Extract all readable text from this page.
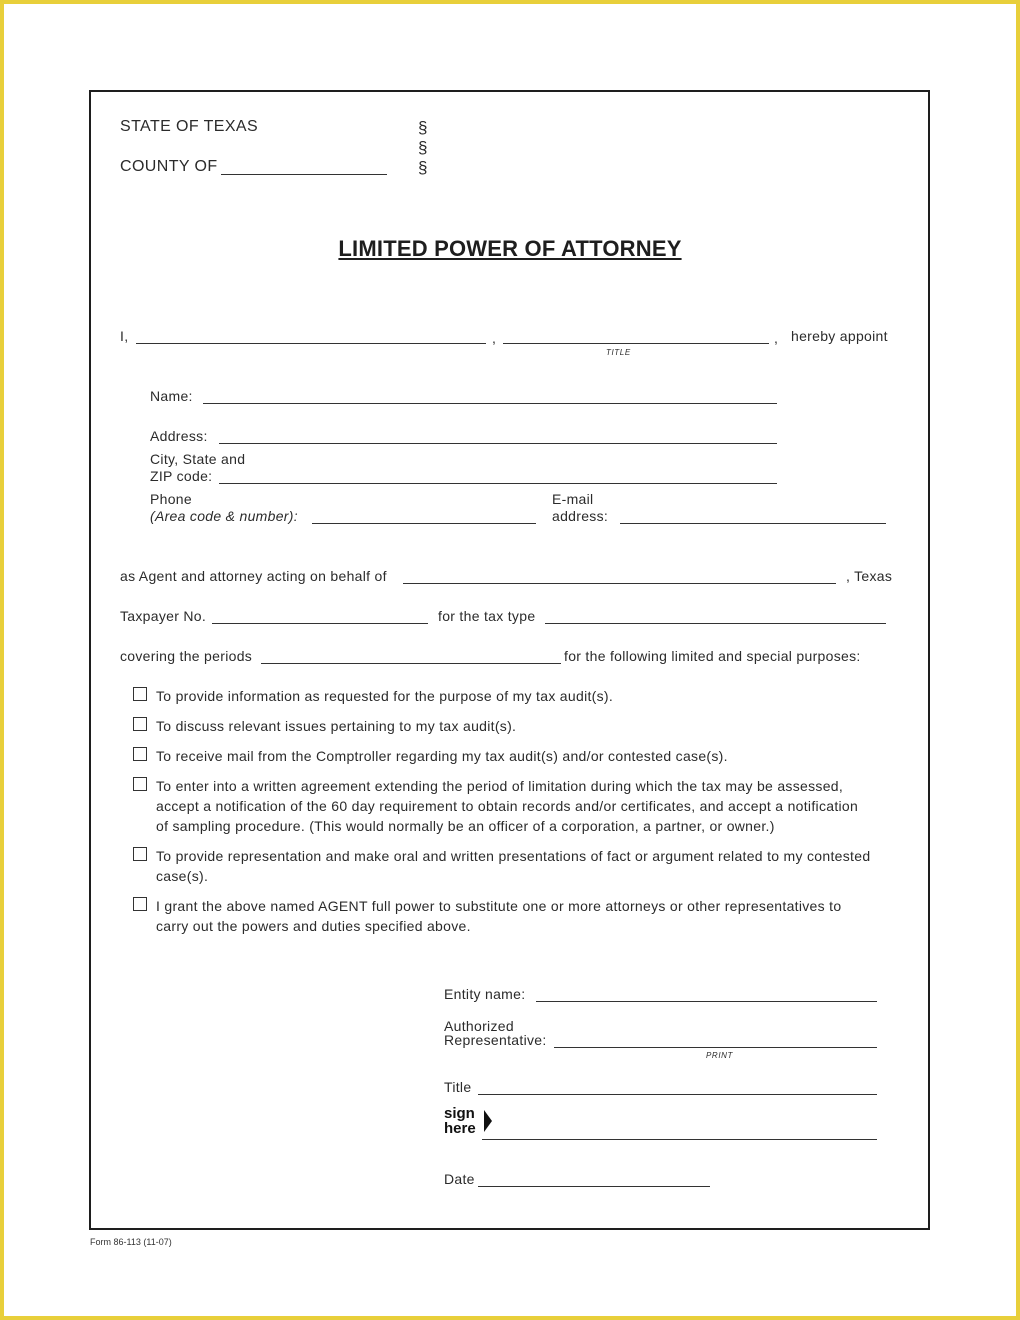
STATE OF TEXAS
COUNTY OF
§
§
§
LIMITED POWER OF ATTORNEY
I,	,	, hereby appoint
TITLE
Name:
Address:
City, State and
ZIP code:
Phone
(Area code & number):
E-mail
address:
as Agent and attorney acting on behalf of	, Texas
Taxpayer No.	for the tax type
covering the periods	for the following limited and special purposes:
To provide information as requested for the purpose of my tax audit(s).
To discuss relevant issues pertaining to my tax audit(s).
To receive mail from the Comptroller regarding my tax audit(s) and/or contested case(s).
To enter into a written agreement extending the period of limitation during which the tax may be assessed,
accept a notification of the 60 day requirement to obtain records and/or certificates, and accept a notification
of sampling procedure. (This would normally be an officer of a corporation, a partner, or owner.)
To provide representation and make oral and written presentations of fact or argument related to my contested
case(s).
I grant the above named AGENT full power to substitute one or more attorneys or other representatives to
carry out the powers and duties specified above.
Entity name:
Authorized
Representative:
PRINT
Title
sign
here
Date
Form 86-113 (11-07)
